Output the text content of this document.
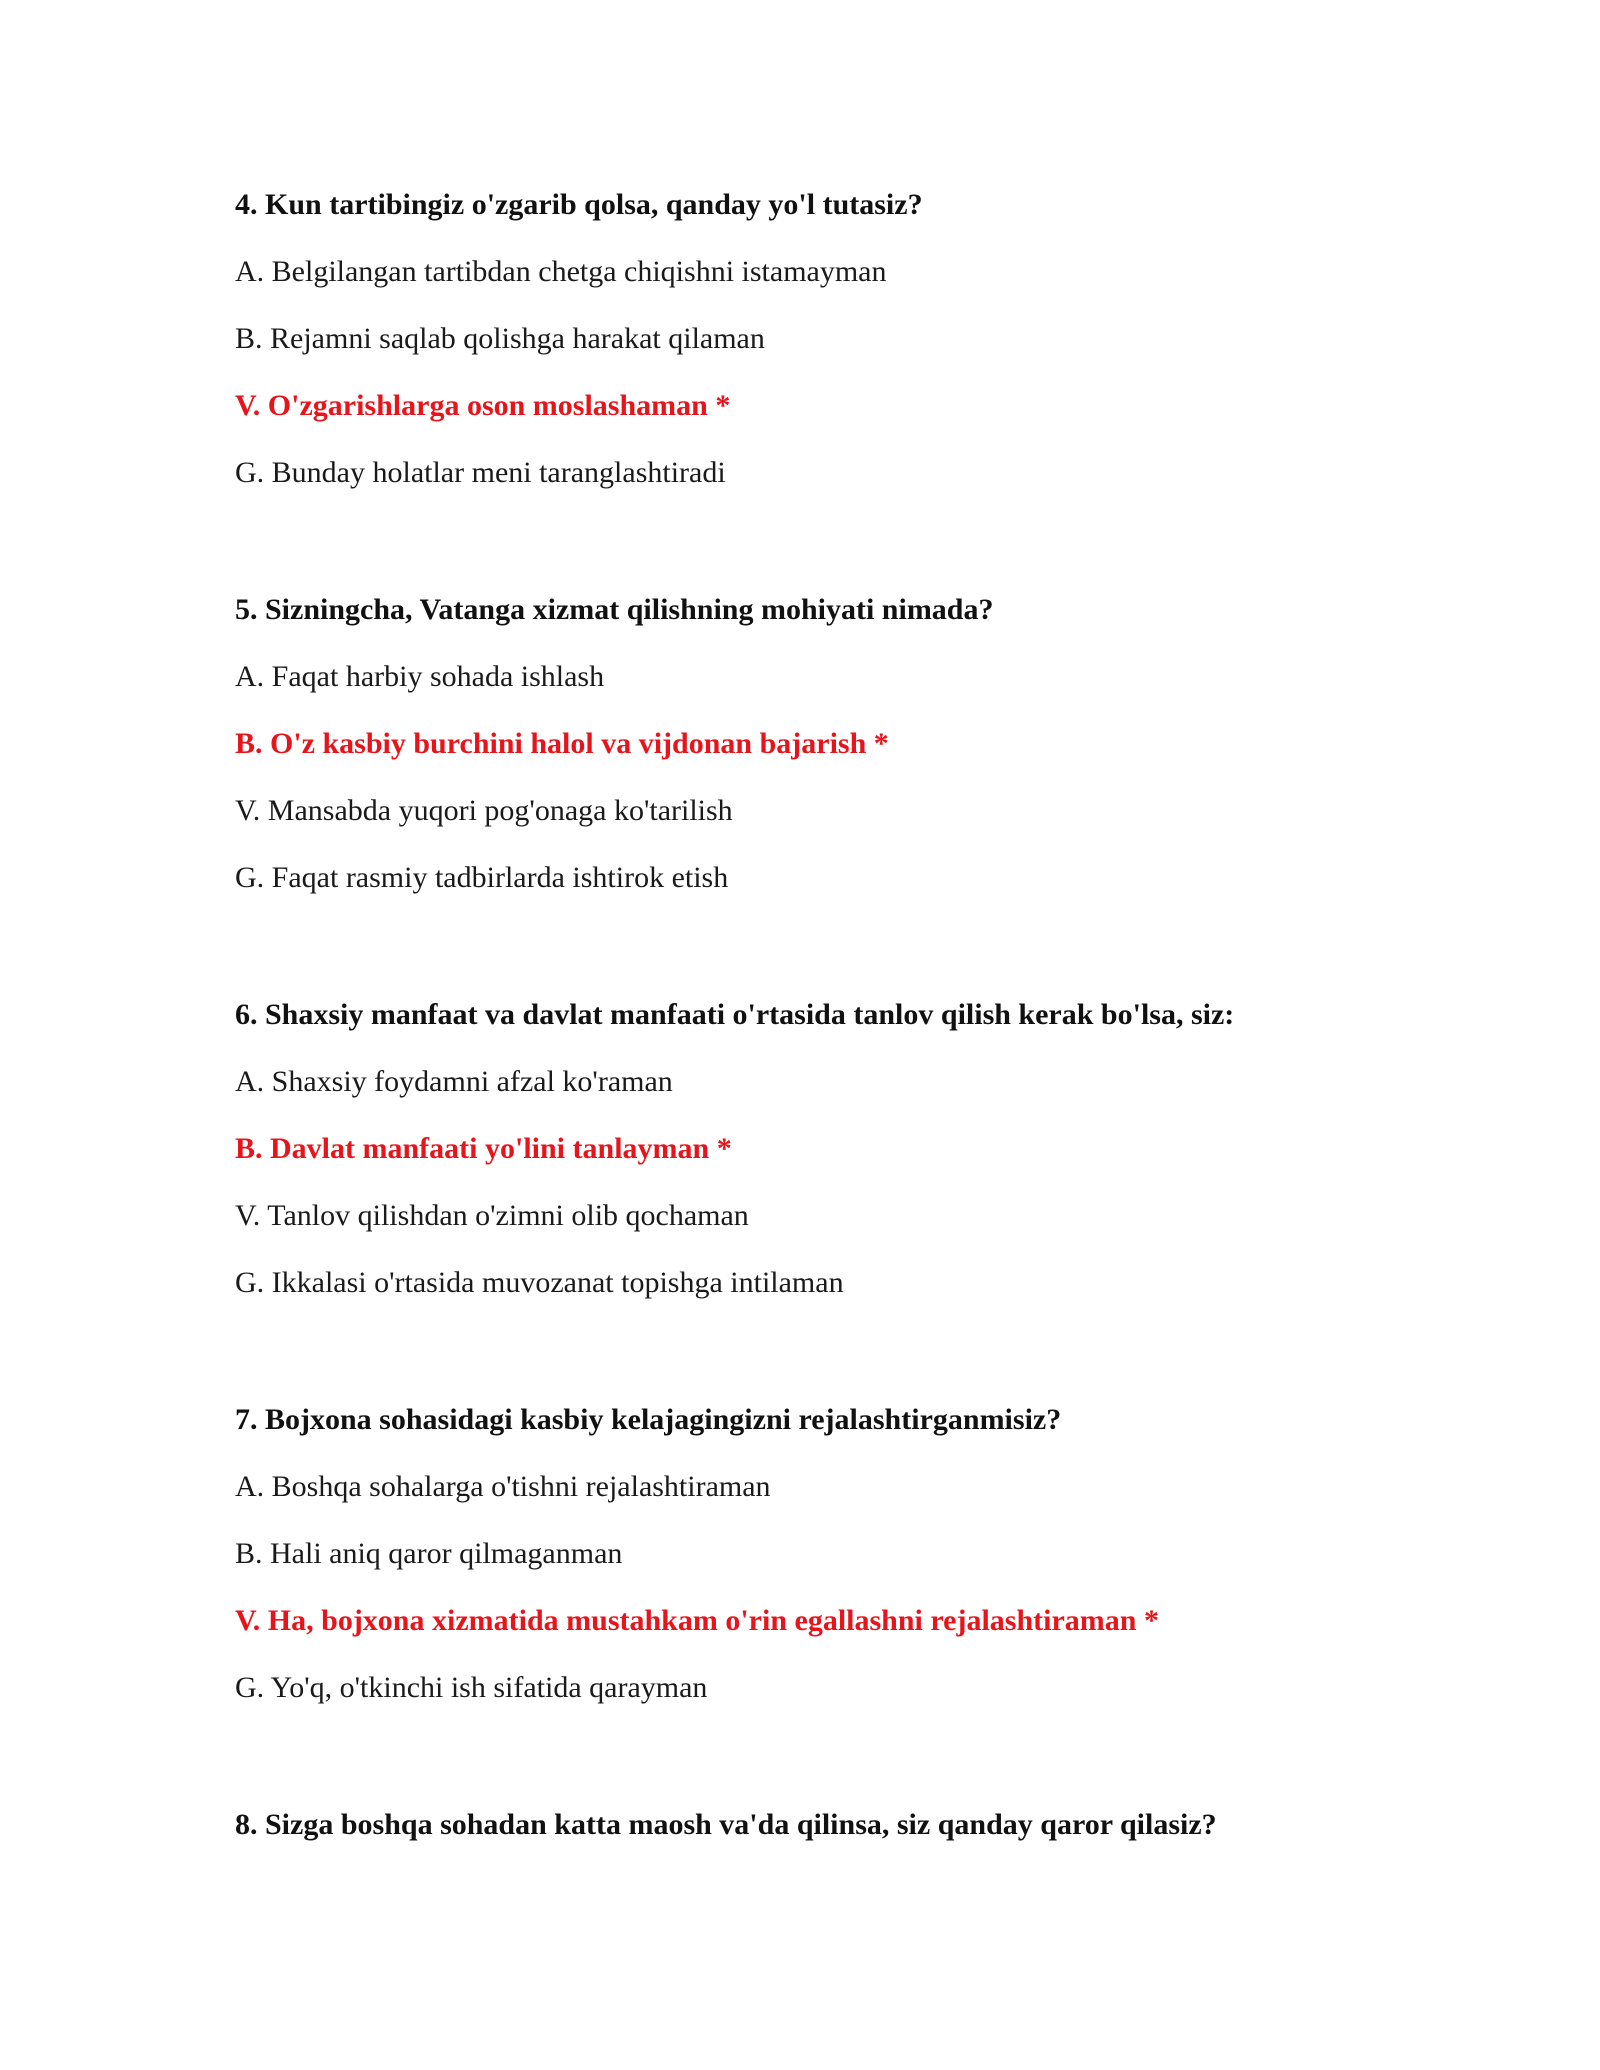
4. Kun tartibingiz o'zgarib qolsa, qanday yo'l tutasiz?

A. Belgilangan tartibdan chetga chiqishni istamayman

B. Rejamni saqlab qolishga harakat qilaman

V. O'zgarishlarga oson moslashaman *

G. Bunday holatlar meni taranglashtiradi

5. Sizningcha, Vatanga xizmat qilishning mohiyati nimada?

A. Faqat harbiy sohada ishlash

B. O'z kasbiy burchini halol va vijdonan bajarish *

V. Mansabda yuqori pog'onaga ko'tarilish

G. Faqat rasmiy tadbirlarda ishtirok etish

6. Shaxsiy manfaat va davlat manfaati o'rtasida tanlov qilish kerak bo'lsa, siz:

A. Shaxsiy foydamni afzal ko'raman

B. Davlat manfaati yo'lini tanlayman *

V. Tanlov qilishdan o'zimni olib qochaman

G. Ikkalasi o'rtasida muvozanat topishga intilaman

7. Bojxona sohasidagi kasbiy kelajagingizni rejalashtirganmisiz?

A. Boshqa sohalarga o'tishni rejalashtiraman

B. Hali aniq qaror qilmaganman

V. Ha, bojxona xizmatida mustahkam o'rin egallashni rejalashtiraman *

G. Yo'q, o'tkinchi ish sifatida qarayman

8. Sizga boshqa sohadan katta maosh va'da qilinsa, siz qanday qaror qilasiz?
